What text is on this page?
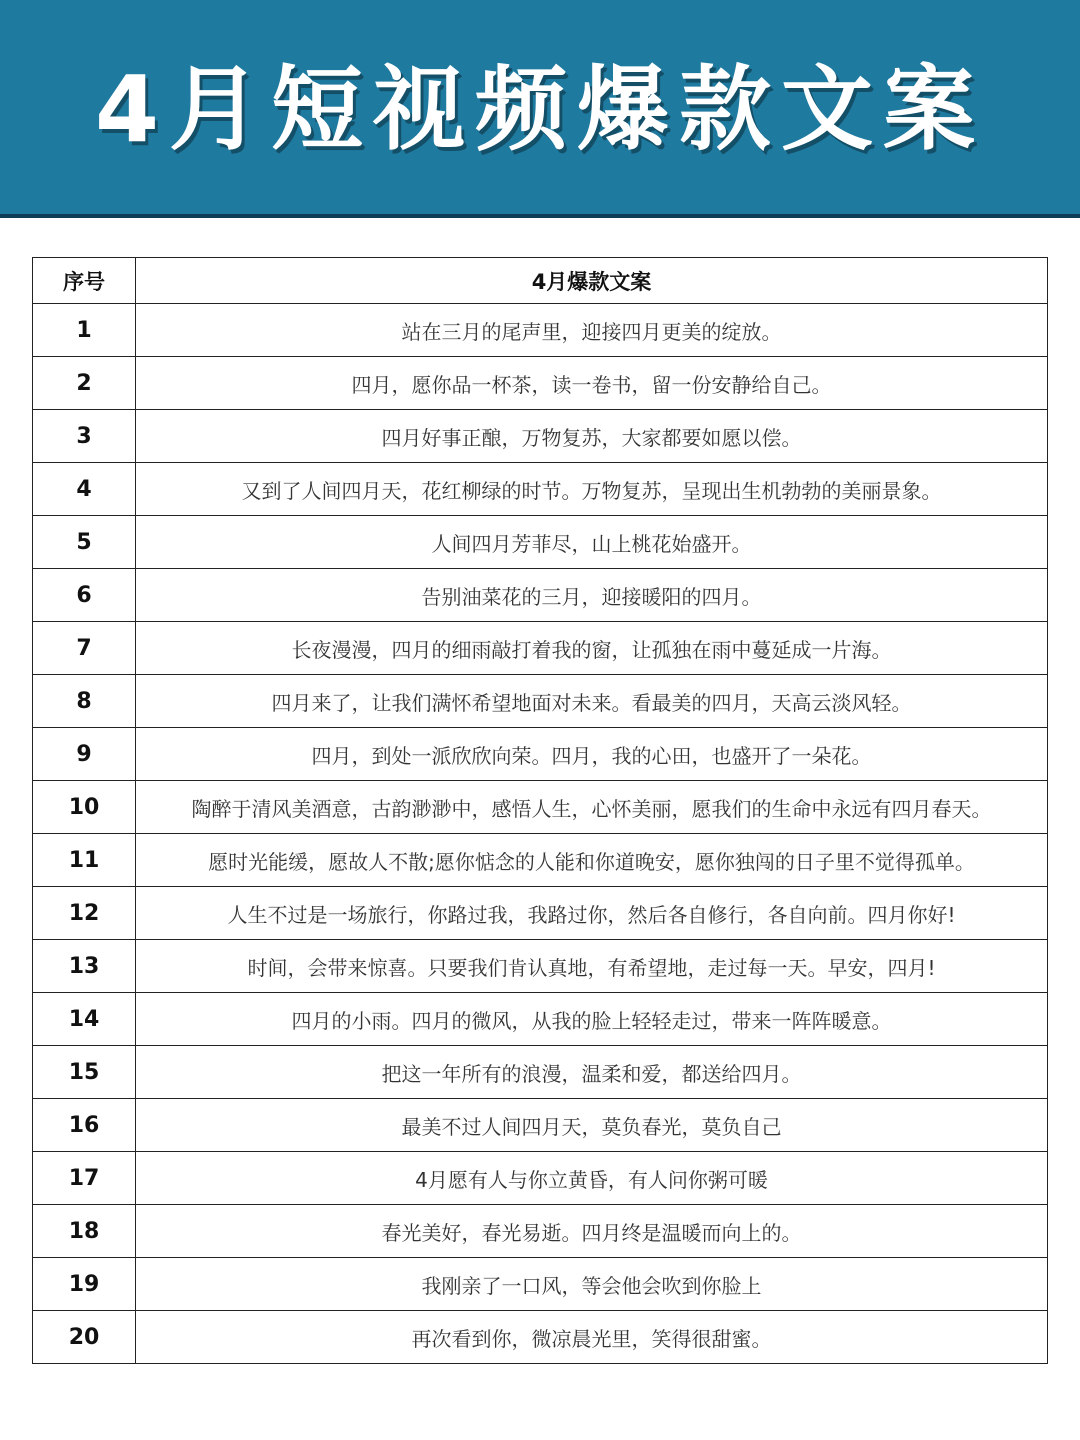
4月短视频爆款文案
序号	4月爆款文案
1	站在三月的尾声里，迎接四月更美的绽放。
2	四月，愿你品一杯茶，读一卷书，留一份安静给自己。
3	四月好事正酿，万物复苏，大家都要如愿以偿。
4	又到了人间四月天，花红柳绿的时节。万物复苏，呈现出生机勃勃的美丽景象。
5	人间四月芳菲尽，山上桃花始盛开。
6	告别油菜花的三月，迎接暖阳的四月。
7	长夜漫漫，四月的细雨敲打着我的窗，让孤独在雨中蔓延成一片海。
8	四月来了，让我们满怀希望地面对未来。看最美的四月，天高云淡风轻。
9	四月，到处一派欣欣向荣。四月，我的心田，也盛开了一朵花。
10	陶醉于清风美酒意，古韵渺渺中，感悟人生，心怀美丽，愿我们的生命中永远有四月春天。
11	愿时光能缓，愿故人不散;愿你惦念的人能和你道晚安，愿你独闯的日子里不觉得孤单。
12	人生不过是一场旅行，你路过我，我路过你，然后各自修行，各自向前。四月你好!
13	时间，会带来惊喜。只要我们肯认真地，有希望地，走过每一天。早安，四月!
14	四月的小雨。四月的微风，从我的脸上轻轻走过，带来一阵阵暖意。
15	把这一年所有的浪漫，温柔和爱，都送给四月。
16	最美不过人间四月天，莫负春光，莫负自己
17	4月愿有人与你立黄昏，有人问你粥可暖
18	春光美好，春光易逝。四月终是温暖而向上的。
19	我刚亲了一口风，等会他会吹到你脸上
20	再次看到你，微凉晨光里，笑得很甜蜜。
